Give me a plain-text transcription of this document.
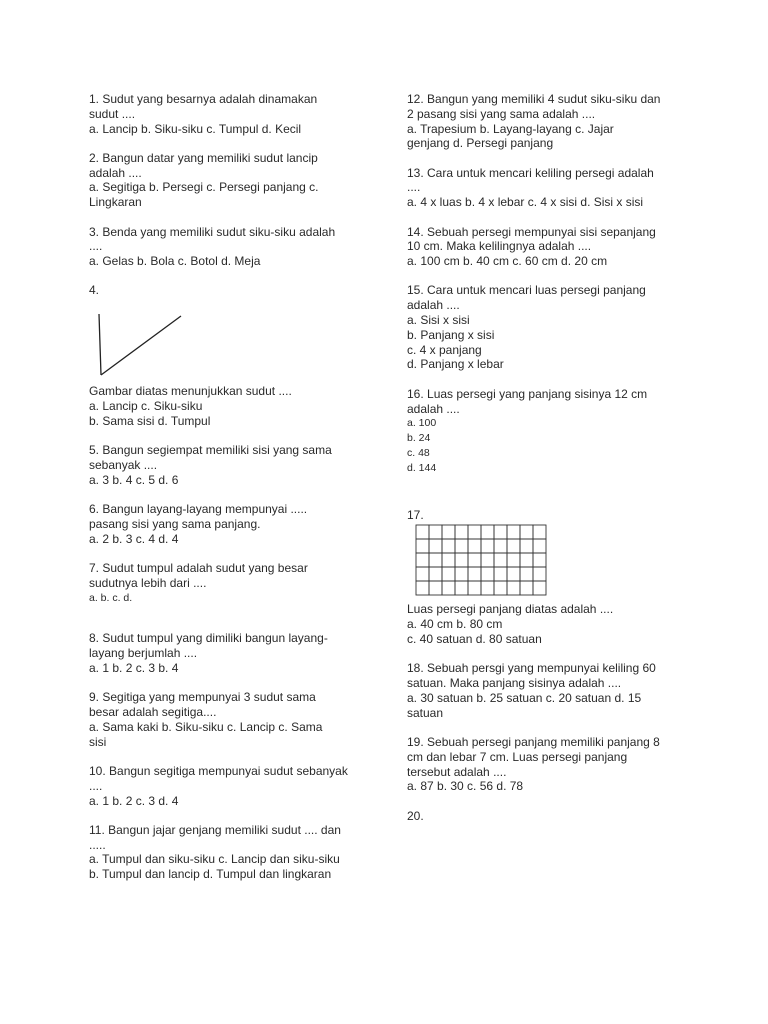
1. Sudut yang besarnya adalah dinamakan
sudut ....
a. Lancip b. Siku-siku c. Tumpul d. Kecil
2. Bangun datar yang memiliki sudut lancip
adalah ....
a. Segitiga b. Persegi c. Persegi panjang c.
Lingkaran
3. Benda yang memiliki sudut siku-siku adalah
....
a. Gelas b. Bola c. Botol d. Meja
4.
Gambar diatas menunjukkan sudut ....
a. Lancip c. Siku-siku
b. Sama sisi d. Tumpul
5. Bangun segiempat memiliki sisi yang sama
sebanyak ....
a. 3 b. 4 c. 5 d. 6
6. Bangun layang-layang mempunyai .....
pasang sisi yang sama panjang.
a. 2 b. 3 c. 4 d. 4
7. Sudut tumpul adalah sudut yang besar
sudutnya lebih dari ....
a. b. c. d.
8. Sudut tumpul yang dimiliki bangun layang-
layang berjumlah ....
a. 1 b. 2 c. 3 b. 4
9. Segitiga yang mempunyai 3 sudut sama
besar adalah segitiga....
a. Sama kaki b. Siku-siku c. Lancip c. Sama
sisi
10. Bangun segitiga mempunyai sudut sebanyak
....
a. 1 b. 2 c. 3 d. 4
11. Bangun jajar genjang memiliki sudut .... dan
.....
a. Tumpul dan siku-siku c. Lancip dan siku-siku
b. Tumpul dan lancip d. Tumpul dan lingkaran
12. Bangun yang memiliki 4 sudut siku-siku dan
2 pasang sisi yang sama adalah ....
a. Trapesium b. Layang-layang c. Jajar
genjang d. Persegi panjang
13. Cara untuk mencari keliling persegi adalah
....
a. 4 x luas b. 4 x lebar c. 4 x sisi d. Sisi x sisi
14. Sebuah persegi mempunyai sisi sepanjang
10 cm. Maka kelilingnya adalah ....
a. 100 cm b. 40 cm c. 60 cm d. 20 cm
15. Cara untuk mencari luas persegi panjang
adalah ....
a. Sisi x sisi
b. Panjang x sisi
c. 4 x panjang
d. Panjang x lebar
16. Luas persegi yang panjang sisinya 12 cm
adalah ....
a. 100
b. 24
c. 48
d. 144
17.
Luas persegi panjang diatas adalah ....
a. 40 cm b. 80 cm
c. 40 satuan d. 80 satuan
18. Sebuah persgi yang mempunyai keliling 60
satuan. Maka panjang sisinya adalah ....
a. 30 satuan b. 25 satuan c. 20 satuan d. 15
satuan
19. Sebuah persegi panjang memiliki panjang 8
cm dan lebar 7 cm. Luas persegi panjang
tersebut adalah ....
a. 87 b. 30 c. 56 d. 78
20.
